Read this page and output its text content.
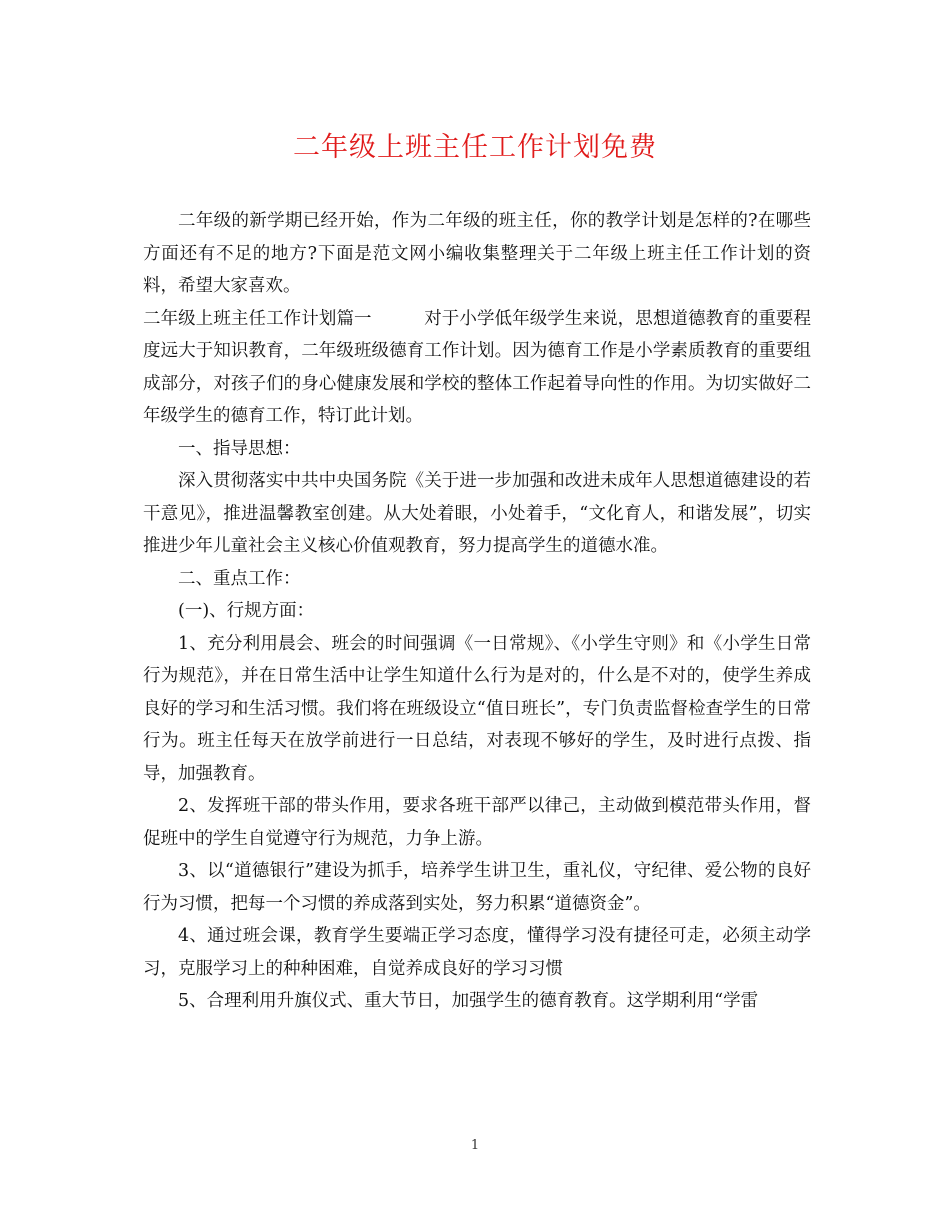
二年级上班主任工作计划免费

二年级的新学期已经开始，作为二年级的班主任，你的教学计划是怎样的?在哪些方面还有不足的地方?下面是范文网小编收集整理关于二年级上班主任工作计划的资料，希望大家喜欢。

二年级上班主任工作计划篇一	对于小学低年级学生来说，思想道德教育的重要程度远大于知识教育，二年级班级德育工作计划。因为德育工作是小学素质教育的重要组成部分，对孩子们的身心健康发展和学校的整体工作起着导向性的作用。为切实做好二年级学生的德育工作，特订此计划。

一、指导思想：

深入贯彻落实中共中央国务院《关于进一步加强和改进未成年人思想道德建设的若干意见》，推进温馨教室创建。从大处着眼，小处着手，“文化育人，和谐发展”，切实推进少年儿童社会主义核心价值观教育，努力提高学生的道德水准。

二、重点工作：

(一)、行规方面：

1、充分利用晨会、班会的时间强调《一日常规》、《小学生守则》和《小学生日常行为规范》，并在日常生活中让学生知道什么行为是对的，什么是不对的，使学生养成良好的学习和生活习惯。我们将在班级设立“值日班长”，专门负责监督检查学生的日常行为。班主任每天在放学前进行一日总结，对表现不够好的学生，及时进行点拨、指导，加强教育。

2、发挥班干部的带头作用，要求各班干部严以律己，主动做到模范带头作用，督促班中的学生自觉遵守行为规范，力争上游。

3、以“道德银行”建设为抓手，培养学生讲卫生，重礼仪，守纪律、爱公物的良好行为习惯，把每一个习惯的养成落到实处，努力积累“道德资金”。

4、通过班会课，教育学生要端正学习态度，懂得学习没有捷径可走，必须主动学习，克服学习上的种种困难，自觉养成良好的学习习惯

5、合理利用升旗仪式、重大节日，加强学生的德育教育。这学期利用“学雷

1
